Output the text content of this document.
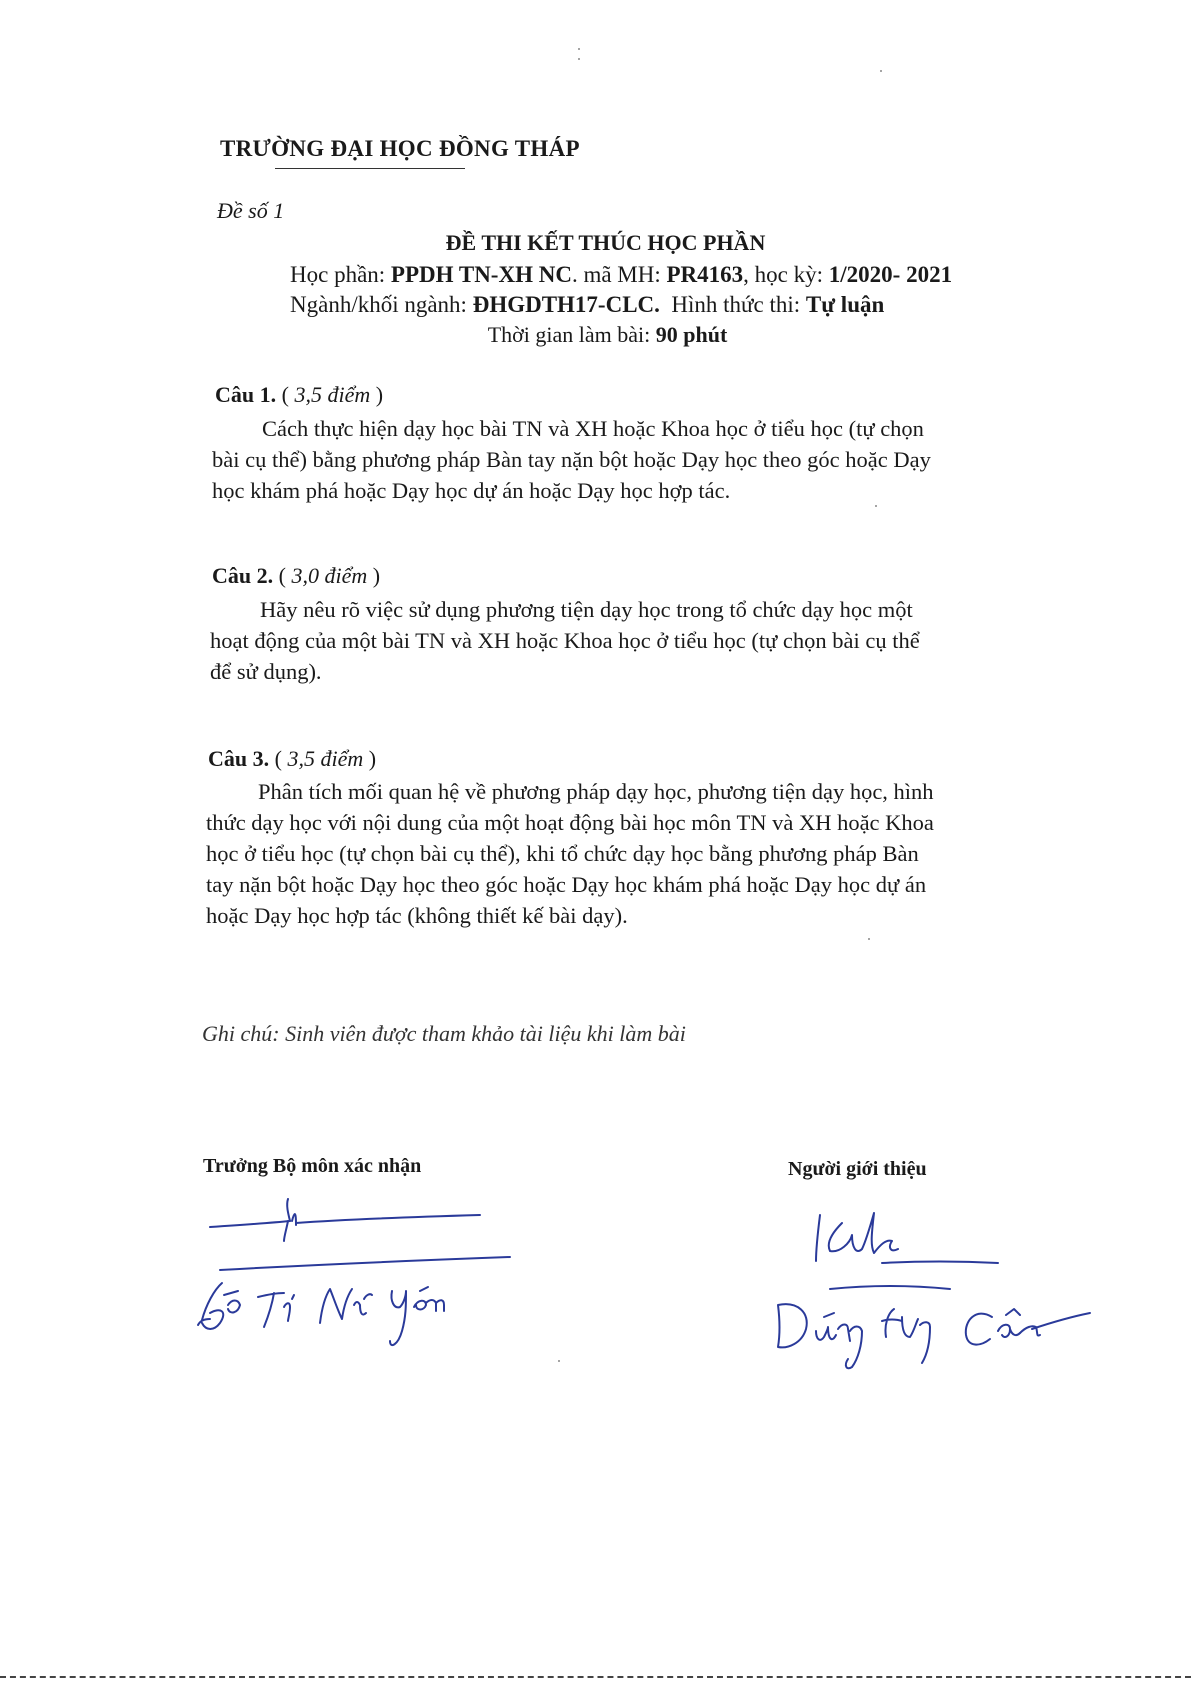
TRƯỜNG ĐẠI HỌC ĐỒNG THÁP
Đề số 1
ĐỀ THI KẾT THÚC HỌC PHẦN
Học phần: PPDH TN-XH NC. mã MH: PR4163, học kỳ: 1/2020- 2021
Ngành/khối ngành: ĐHGDTH17-CLC. Hình thức thi: Tự luận
Thời gian làm bài: 90 phút
Câu 1. ( 3,5 điểm )
Cách thực hiện dạy học bài TN và XH hoặc Khoa học ở tiểu học (tự chọn
bài cụ thể) bằng phương pháp Bàn tay nặn bột hoặc Dạy học theo góc hoặc Dạy
học khám phá hoặc Dạy học dự án hoặc Dạy học hợp tác.
Câu 2. ( 3,0 điểm )
Hãy nêu rõ việc sử dụng phương tiện dạy học trong tổ chức dạy học một
hoạt động của một bài TN và XH hoặc Khoa học ở tiểu học (tự chọn bài cụ thể
để sử dụng).
Câu 3. ( 3,5 điểm )
Phân tích mối quan hệ về phương pháp dạy học, phương tiện dạy học, hình
thức dạy học với nội dung của một hoạt động bài học môn TN và XH hoặc Khoa
học ở tiểu học (tự chọn bài cụ thể), khi tổ chức dạy học bằng phương pháp Bàn
tay nặn bột hoặc Dạy học theo góc hoặc Dạy học khám phá hoặc Dạy học dự án
hoặc Dạy học hợp tác (không thiết kế bài dạy).
Ghi chú: Sinh viên được tham khảo tài liệu khi làm bài
Trưởng Bộ môn xác nhận	Người giới thiệu
